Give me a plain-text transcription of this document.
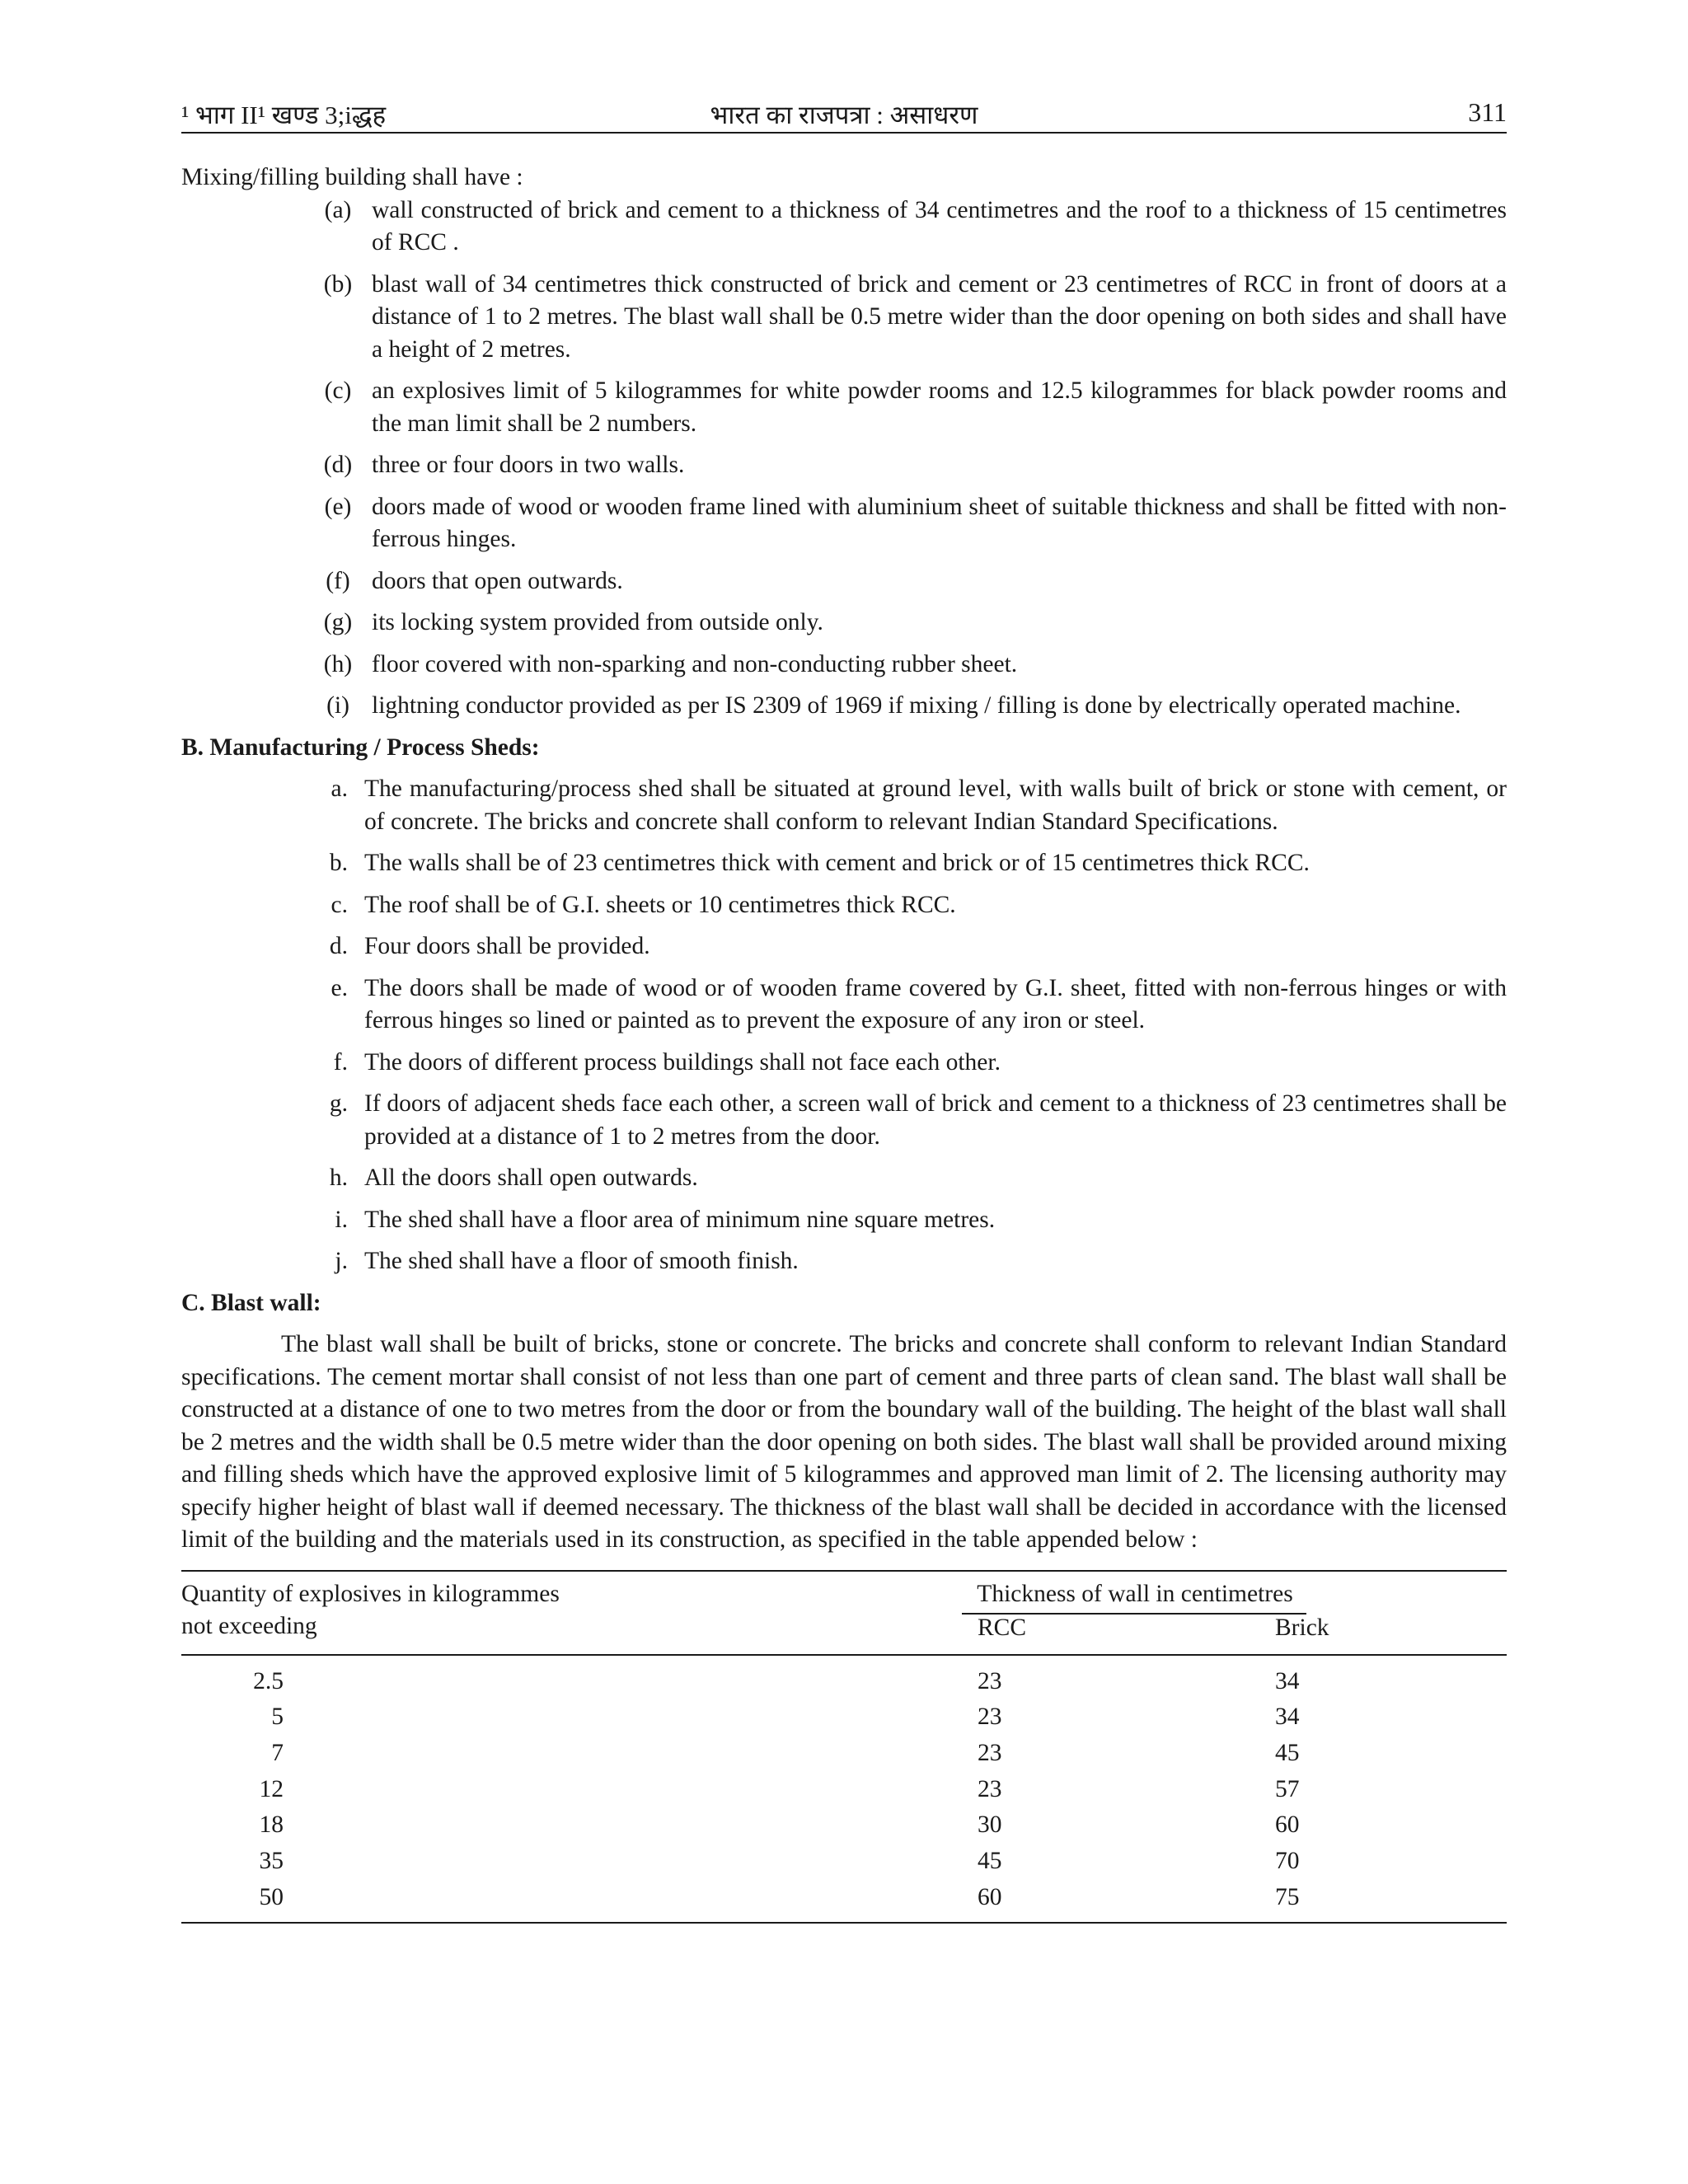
¹ भाग II¹ खण्ड 3;iद्धह	भारत का राजपत्रा : असाधरण	311

Mixing/filling building shall have :

(a) wall constructed of brick and cement to a thickness of 34 centimetres and the roof to a thickness of 15 centimetres of RCC .
(b) blast wall of 34 centimetres thick constructed of brick and cement or 23 centimetres of RCC in front of doors at a distance of 1 to 2 metres. The blast wall shall be 0.5 metre wider than the door opening on both sides and shall have a height of 2 metres.
(c) an explosives limit of 5 kilogrammes for white powder rooms and 12.5 kilogrammes for black powder rooms and the man limit shall be 2 numbers.
(d) three or four doors in two walls.
(e) doors made of wood or wooden frame lined with aluminium sheet of suitable thickness and shall be fitted with non-ferrous hinges.
(f) doors that open outwards.
(g) its locking system provided from outside only.
(h) floor covered with non-sparking and non-conducting rubber sheet.
(i) lightning conductor provided as per IS 2309 of 1969 if mixing / filling is done by electrically operated machine.

B. Manufacturing / Process Sheds:

a. The manufacturing/process shed shall be situated at ground level, with walls built of brick or stone with cement, or of concrete. The bricks and concrete shall conform to relevant Indian Standard Specifications.
b. The walls shall be of 23 centimetres thick with cement and brick or of 15 centimetres thick RCC.
c. The roof shall be of G.I. sheets or 10 centimetres thick RCC.
d. Four doors shall be provided.
e. The doors shall be made of wood or of wooden frame covered by G.I. sheet, fitted with non-ferrous hinges or with ferrous hinges so lined or painted as to prevent the exposure of any iron or steel.
f. The doors of different process buildings shall not face each other.
g. If doors of adjacent sheds face each other, a screen wall of brick and cement to a thickness of 23 centimetres shall be provided at a distance of 1 to 2 metres from the door.
h. All the doors shall open outwards.
i. The shed shall have a floor area of minimum nine square metres.
j. The shed shall have a floor of smooth finish.

C. Blast wall:

The blast wall shall be built of bricks, stone or concrete. The bricks and concrete shall conform to relevant Indian Standard specifications. The cement mortar shall consist of not less than one part of cement and three parts of clean sand. The blast wall shall be constructed at a distance of one to two metres from the door or from the boundary wall of the building. The height of the blast wall shall be 2 metres and the width shall be 0.5 metre wider than the door opening on both sides. The blast wall shall be provided around mixing and filling sheds which have the approved explosive limit of 5 kilogrammes and approved man limit of 2. The licensing authority may specify higher height of blast wall if deemed necessary. The thickness of the blast wall shall be decided in accordance with the licensed limit of the building and the materials used in its construction, as specified in the table appended below :

Quantity of explosives in kilogrammes
not exceeding
Thickness of wall in centimetres
RCC	Brick
2.5	23	34
5	23	34
7	23	45
12	23	57
18	30	60
35	45	70
50	60	75
